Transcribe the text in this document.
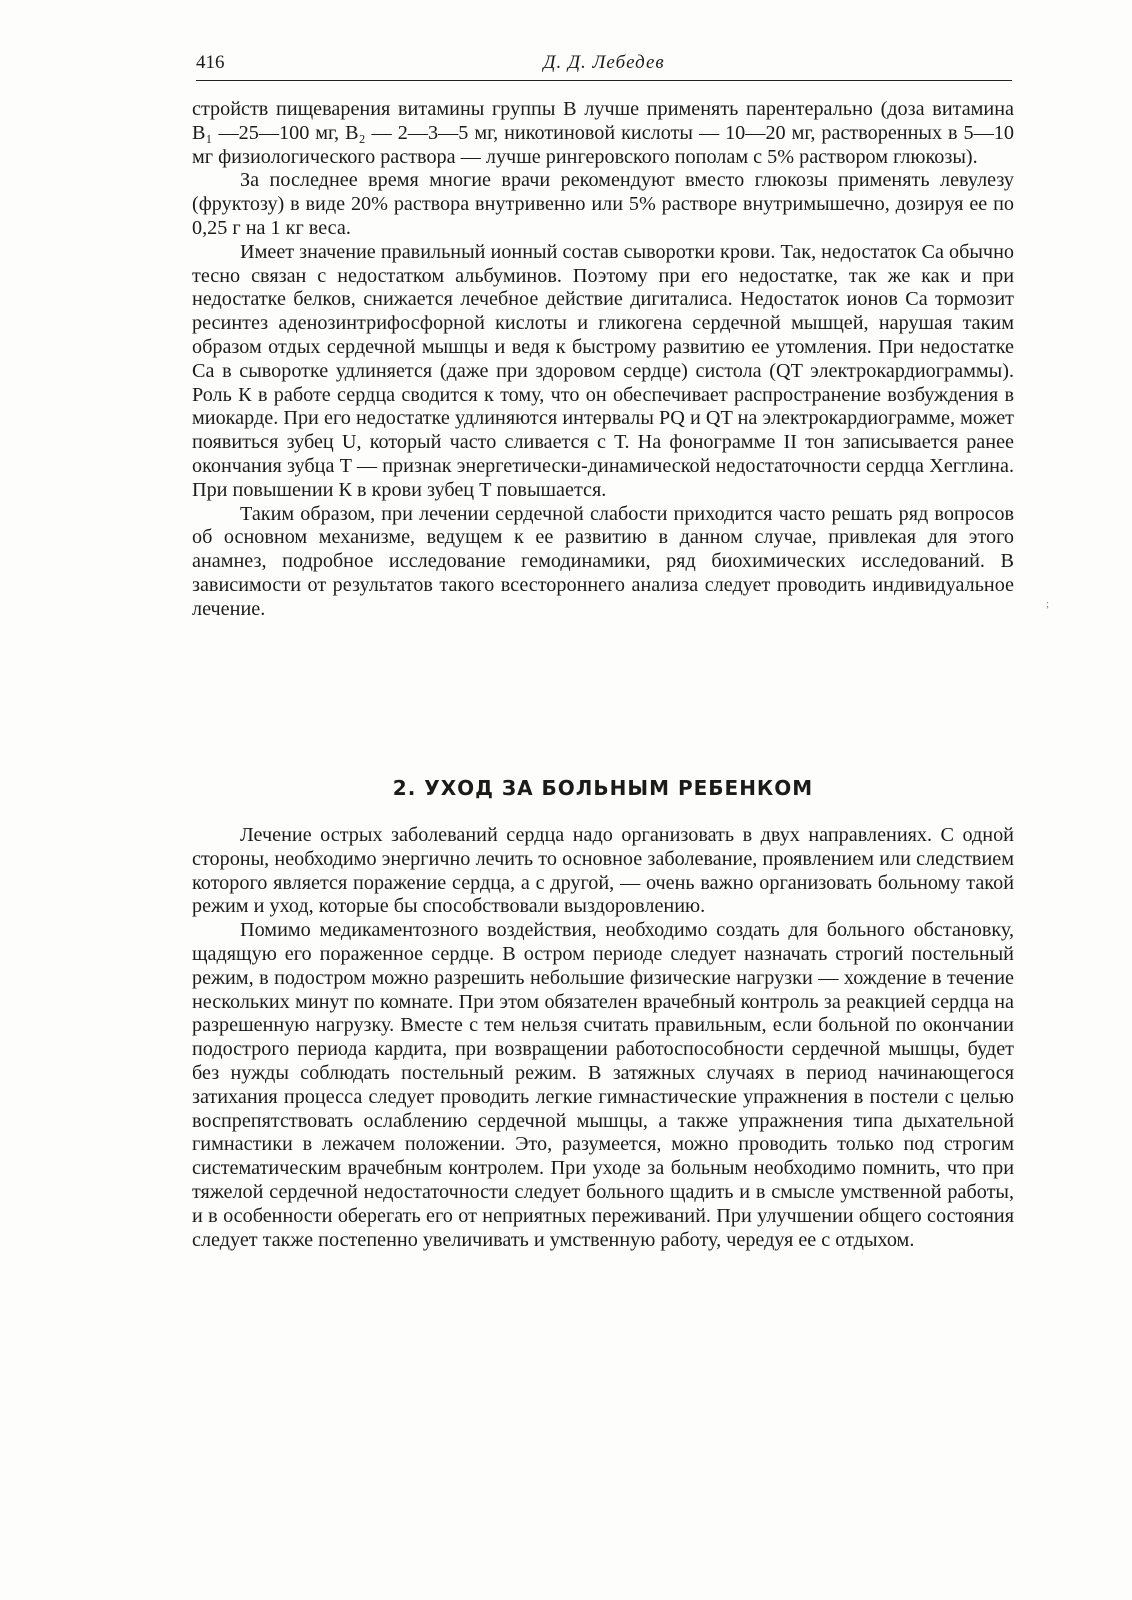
416	Д. Д. Лебедев

стройств пищеварения витамины группы В лучше применять парентерально (доза витамина В₁ —25—100 мг, В₂ — 2—3—5 мг, никотиновой кислоты — 10—20 мг, растворенных в 5—10 мг физиологического раствора — лучше рингеровского пополам с 5% раствором глюкозы).

За последнее время многие врачи рекомендуют вместо глюкозы применять левулезу (фруктозу) в виде 20% раствора внутривенно или 5% растворе внутримышечно, дозируя ее по 0,25 г на 1 кг веса.

Имеет значение правильный ионный состав сыворотки крови. Так, недостаток Са обычно тесно связан с недостатком альбуминов. Поэтому при его недостатке, так же как и при недостатке белков, снижается лечебное действие дигиталиса. Недостаток ионов Са тормозит ресинтез аденозинтрифосфорной кислоты и гликогена сердечной мышцей, нарушая таким образом отдых сердечной мышцы и ведя к быстрому развитию ее утомления. При недостатке Са в сыворотке удлиняется (даже при здоровом сердце) систола (QT электрокардиограммы). Роль К в работе сердца сводится к тому, что он обеспечивает распространение возбуждения в миокарде. При его недостатке удлиняются интервалы PQ и QT на электрокардиограмме, может появиться зубец U, который часто сливается с Т. На фонограмме II тон записывается ранее окончания зубца T — признак энергетически-динамической недостаточности сердца Хегглина. При повышении К в крови зубец Т повышается.

Таким образом, при лечении сердечной слабости приходится часто решать ряд вопросов об основном механизме, ведущем к ее развитию в данном случае, привлекая для этого анамнез, подробное исследование гемодинамики, ряд биохимических исследований. В зависимости от результатов такого всестороннего анализа следует проводить индивидуальное лечение.	;
2. УХОД ЗА БОЛЬНЫМ РЕБЕНКОМ

Лечение острых заболеваний сердца надо организовать в двух направлениях. С одной стороны, необходимо энергично лечить то основное заболевание, проявлением или следствием которого является поражение сердца, а с другой, — очень важно организовать больному такой режим и уход, которые бы способствовали выздоровлению.

Помимо медикаментозного воздействия, необходимо создать для больного обстановку, щадящую его пораженное сердце. В остром периоде следует назначать строгий постельный режим, в подостром можно разрешить небольшие физические нагрузки — хождение в течение нескольких минут по комнате. При этом обязателен врачебный контроль за реакцией сердца на разрешенную нагрузку. Вместе с тем нельзя считать правильным, если больной по окончании подострого периода кардита, при возвращении работоспособности сердечной мышцы, будет без нужды соблюдать постельный режим. В затяжных случаях в период начинающегося затихания процесса следует проводить легкие гимнастические упражнения в постели с целью воспрепятствовать ослаблению сердечной мышцы, а также упражнения типа дыхательной гимнастики в лежачем положении. Это, разумеется, можно проводить только под строгим систематическим врачебным контролем. При уходе за больным необходимо помнить, что при тяжелой сердечной недостаточности следует больного щадить и в смысле умственной работы, и в особенности оберегать его от неприятных переживаний. При улучшении общего состояния следует также постепенно увеличивать и умственную работу, чередуя ее с отдыхом.
